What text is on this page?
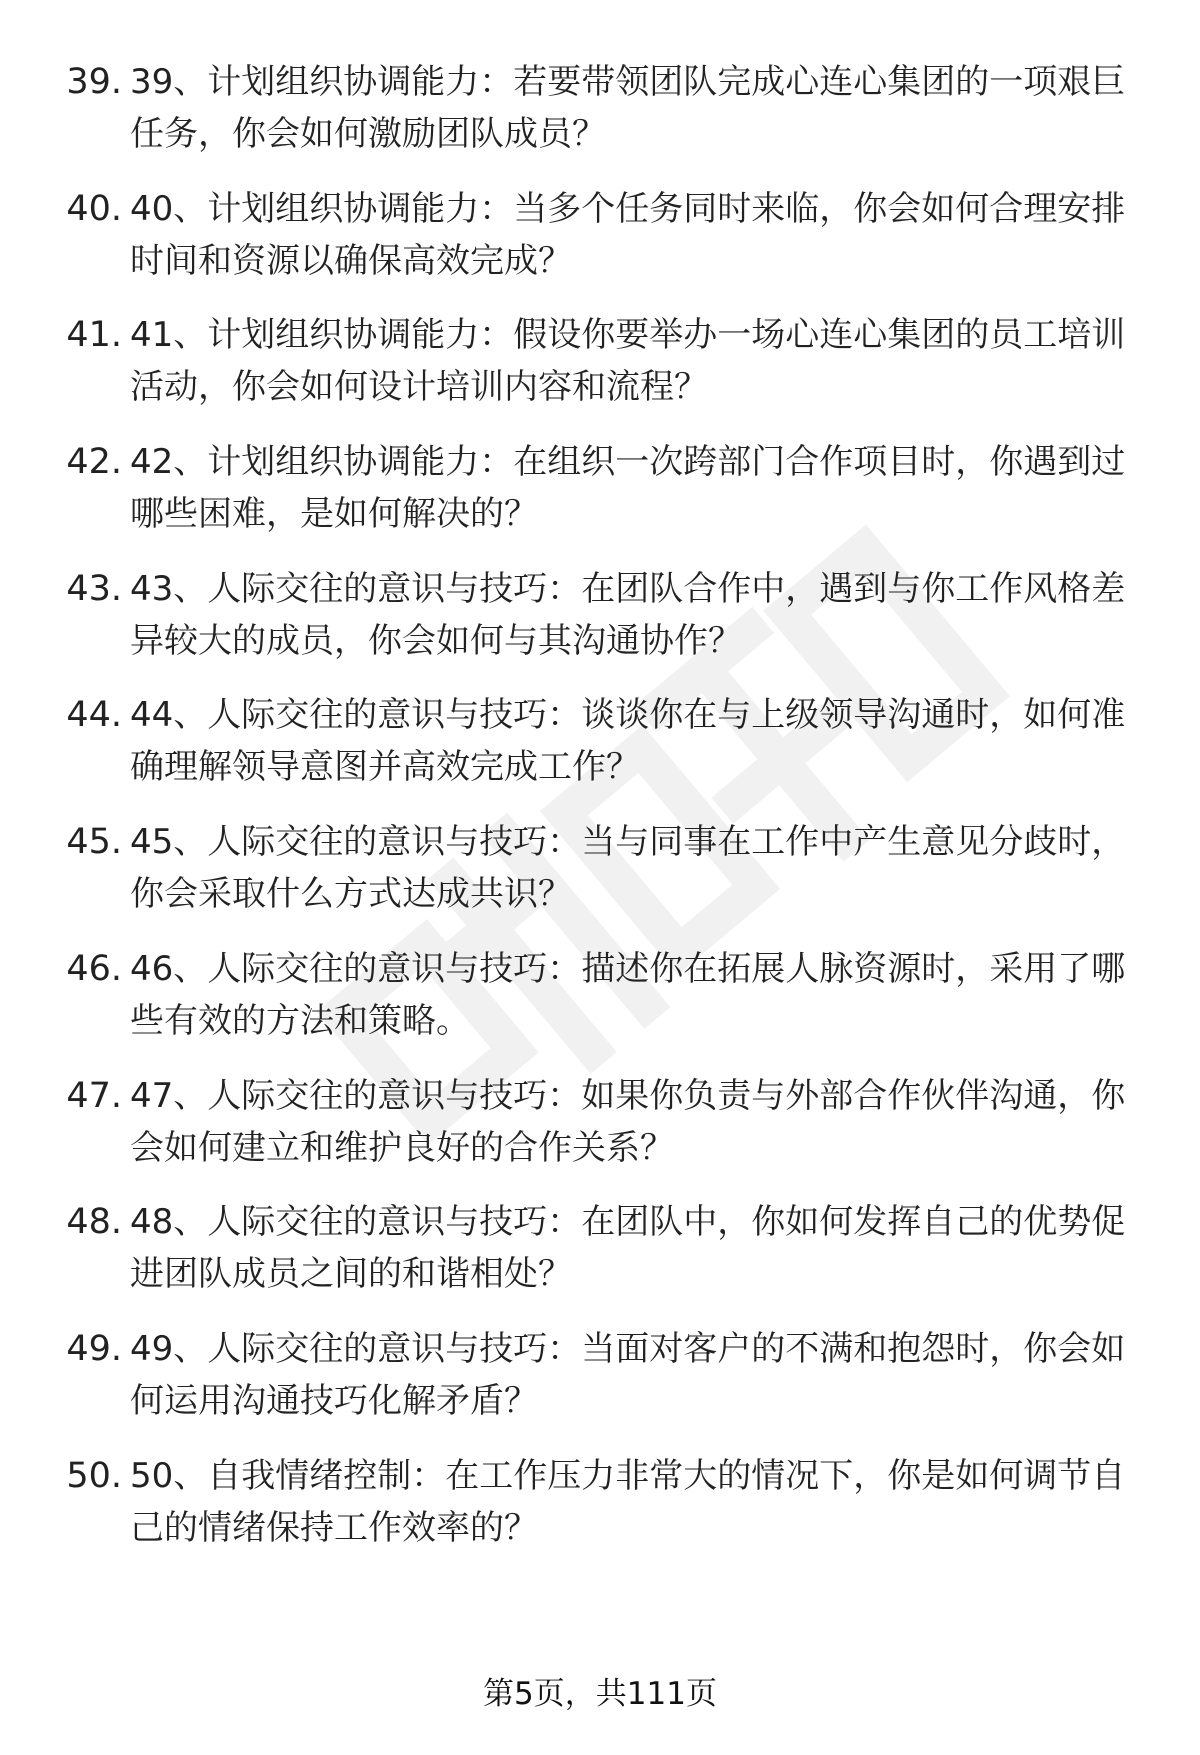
39. 39、计划组织协调能力：若要带领团队完成心连心集团的一项艰巨任务，你会如何激励团队成员？
40. 40、计划组织协调能力：当多个任务同时来临，你会如何合理安排时间和资源以确保高效完成？
41. 41、计划组织协调能力：假设你要举办一场心连心集团的员工培训活动，你会如何设计培训内容和流程？
42. 42、计划组织协调能力：在组织一次跨部门合作项目时，你遇到过哪些困难，是如何解决的？
43. 43、人际交往的意识与技巧：在团队合作中，遇到与你工作风格差异较大的成员，你会如何与其沟通协作？
44. 44、人际交往的意识与技巧：谈谈你在与上级领导沟通时，如何准确理解领导意图并高效完成工作？
45. 45、人际交往的意识与技巧：当与同事在工作中产生意见分歧时，你会采取什么方式达成共识？
46. 46、人际交往的意识与技巧：描述你在拓展人脉资源时，采用了哪些有效的方法和策略。
47. 47、人际交往的意识与技巧：如果你负责与外部合作伙伴沟通，你会如何建立和维护良好的合作关系？
48. 48、人际交往的意识与技巧：在团队中，你如何发挥自己的优势促进团队成员之间的和谐相处？
49. 49、人际交往的意识与技巧：当面对客户的不满和抱怨时，你会如何运用沟通技巧化解矛盾？
50. 50、自我情绪控制：在工作压力非常大的情况下，你是如何调节自己的情绪保持工作效率的？
第5页，共111页
